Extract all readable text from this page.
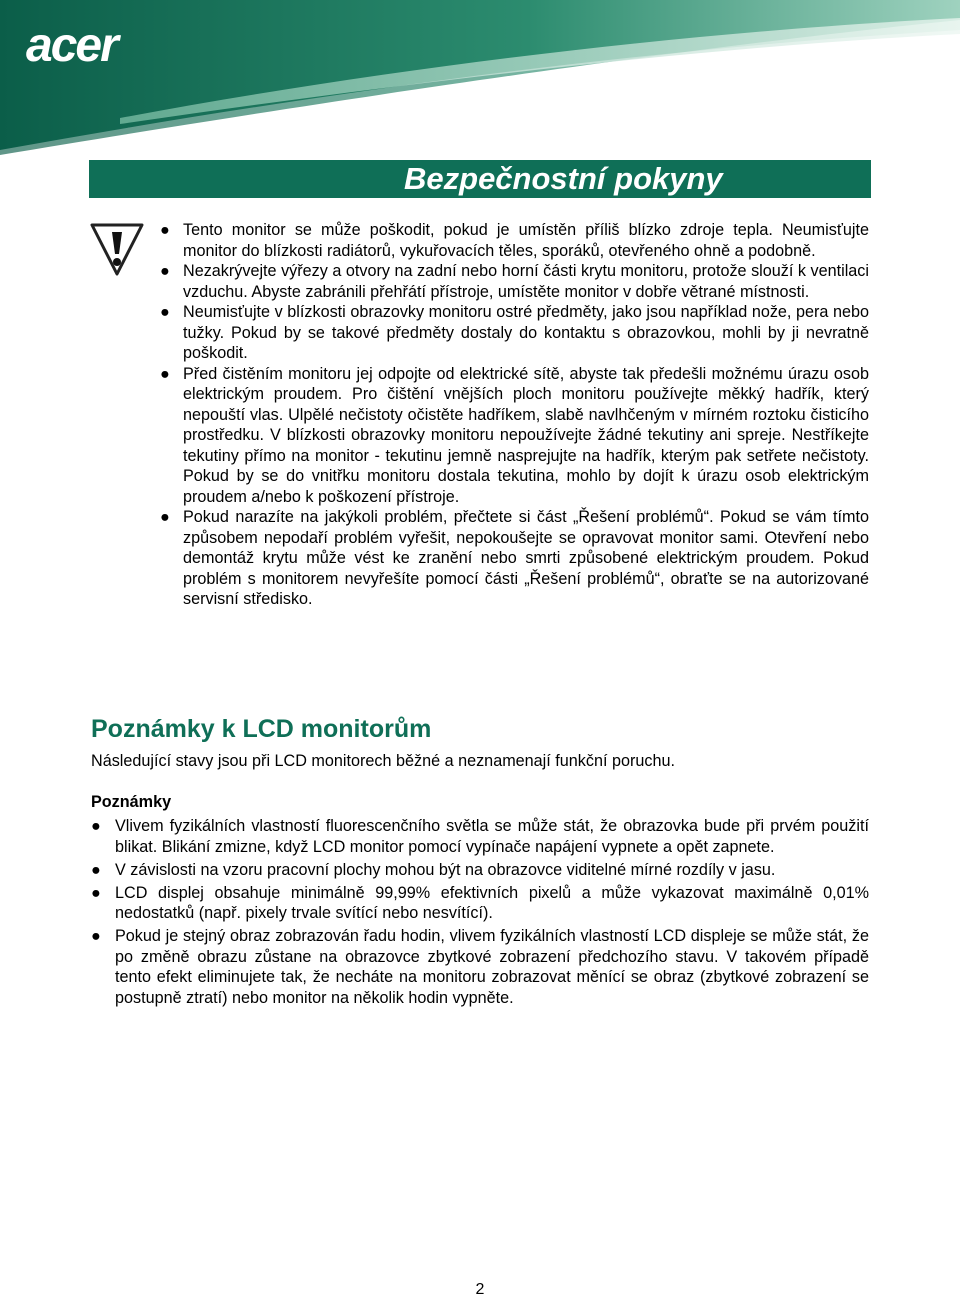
acer
Bezpečnostní pokyny
● Tento monitor se může poškodit, pokud je umístěn příliš blízko zdroje tepla. Neumisťujte monitor do blízkosti radiátorů, vykuřovacích těles, sporáků, otevřeného ohně a podobně.
● Nezakrývejte výřezy a otvory na zadní nebo horní části krytu monitoru, protože slouží k ventilaci vzduchu. Abyste zabránili přehřátí přístroje, umístěte monitor v dobře větrané místnosti.
● Neumisťujte v blízkosti obrazovky monitoru ostré předměty, jako jsou například nože, pera nebo tužky. Pokud by se takové předměty dostaly do kontaktu s obrazovkou, mohli by ji nevratně poškodit.
● Před čistěním monitoru jej odpojte od elektrické sítě, abyste tak předešli možnému úrazu osob elektrickým proudem. Pro čištění vnějších ploch monitoru používejte měkký hadřík, který nepouští vlas. Ulpělé nečistoty očistěte hadříkem, slabě navlhčeným v mírném roztoku čisticího prostředku. V blízkosti obrazovky monitoru nepoužívejte žádné tekutiny ani spreje. Nestříkejte tekutiny přímo na monitor - tekutinu jemně nasprejujte na hadřík, kterým pak setřete nečistoty. Pokud by se do vnitřku monitoru dostala tekutina, mohlo by dojít k úrazu osob elektrickým proudem a/nebo k poškození přístroje.
● Pokud narazíte na jakýkoli problém, přečtete si část „Řešení problémů“. Pokud se vám tímto způsobem nepodaří problém vyřešit, nepokoušejte se opravovat monitor sami. Otevření nebo demontáž krytu může vést ke zranění nebo smrti způsobené elektrickým proudem. Pokud problém s monitorem nevyřešíte pomocí části „Řešení problémů“, obraťte se na autorizované servisní středisko.
Poznámky k LCD monitorům
Následující stavy jsou při LCD monitorech běžné a neznamenají funkční poruchu.
Poznámky
● Vlivem fyzikálních vlastností fluorescenčního světla se může stát, že obrazovka bude při prvém použití blikat. Blikání zmizne, když LCD monitor pomocí vypínače napájení vypnete a opět zapnete.
● V závislosti na vzoru pracovní plochy mohou být na obrazovce viditelné mírné rozdíly v jasu.
● LCD displej obsahuje minimálně 99,99% efektivních pixelů a může vykazovat maximálně 0,01% nedostatků (např. pixely trvale svítící nebo nesvítící).
● Pokud je stejný obraz zobrazován řadu hodin, vlivem fyzikálních vlastností LCD displeje se může stát, že po změně obrazu zůstane na obrazovce zbytkové zobrazení předchozího stavu. V takovém případě tento efekt eliminujete tak, že necháte na monitoru zobrazovat měnící se obraz (zbytkové zobrazení se postupně ztratí) nebo monitor na několik hodin vypněte.
2
